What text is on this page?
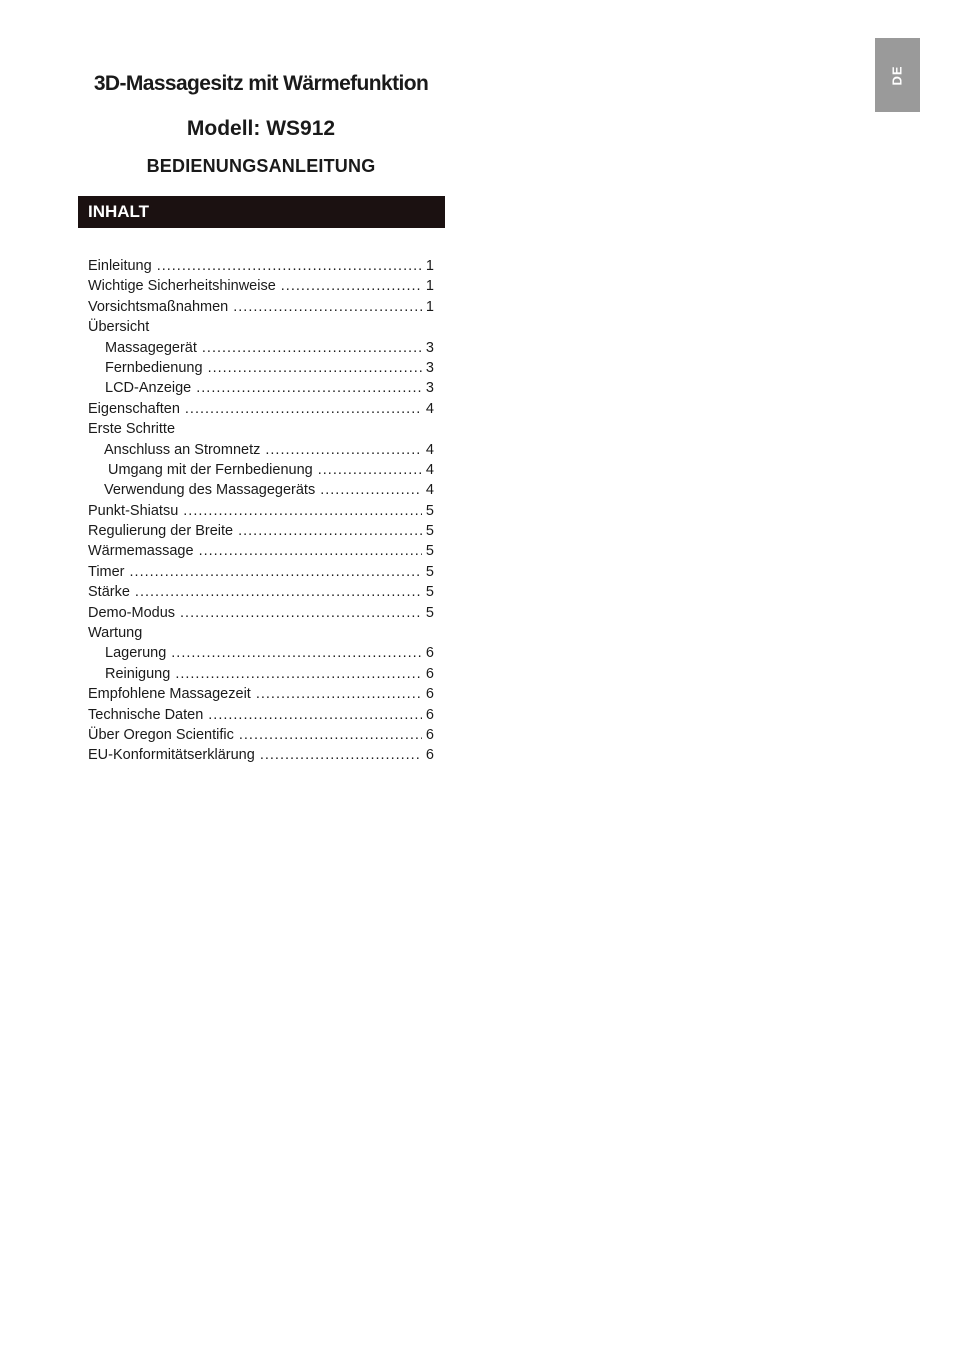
DE
3D-Massagesitz mit Wärmefunktion
Modell: WS912
BEDIENUNGSANLEITUNG
INHALT
Einleitung .....	1
Wichtige Sicherheitshinweise .....	1
Vorsichtsmaßnahmen .....	1
Übersicht
Massagegerät .....	3
Fernbedienung .....	3
LCD-Anzeige .....	3
Eigenschaften .....	4
Erste Schritte
Anschluss an Stromnetz .....	4
Umgang mit der Fernbedienung .....	4
Verwendung des Massagegeräts .....	4
Punkt-Shiatsu .....	5
Regulierung der Breite .....	5
Wärmemassage .....	5
Timer .....	5
Stärke .....	5
Demo-Modus .....	5
Wartung
Lagerung .....	6
Reinigung .....	6
Empfohlene Massagezeit .....	6
Technische Daten .....	6
Über Oregon Scientific .....	6
EU-Konformitätserklärung .....	6
